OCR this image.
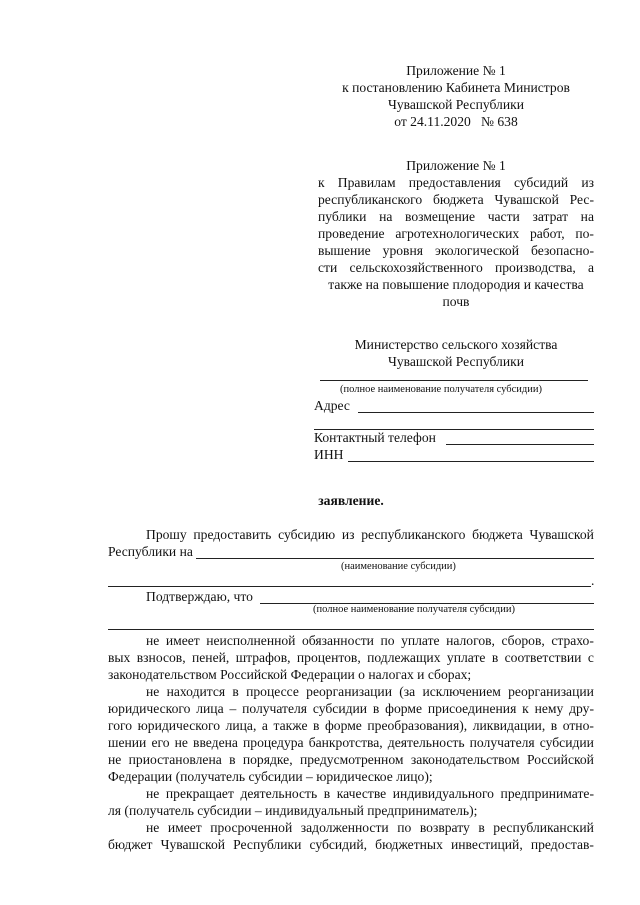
Приложение № 1
к постановлению Кабинета Министров
Чувашской Республики
от 24.11.2020   № 638
Приложение № 1
к Правилам предоставления субсидий из
республиканского бюджета Чувашской Рес-
публики на возмещение части затрат на
проведение агротехнологических работ, по-
вышение уровня экологической безопасно-
сти сельскохозяйственного производства, а
также на повышение плодородия и качества
почв
Министерство сельского хозяйства
Чувашской Республики
(полное наименование получателя субсидии)
Адрес
Контактный телефон
ИНН
заявление.
Прошу предоставить субсидию из республиканского бюджета Чувашской
Республики на
(наименование субсидии)
.
Подтверждаю, что
(полное наименование получателя субсидии)
не имеет неисполненной обязанности по уплате налогов, сборов, страхо-
вых взносов, пеней, штрафов, процентов, подлежащих уплате в соответствии с
законодательством Российской Федерации о налогах и сборах;
не находится в процессе реорганизации (за исключением реорганизации
юридического лица – получателя субсидии в форме присоединения к нему дру-
гого юридического лица, а также в форме преобразования), ликвидации, в отно-
шении его не введена процедура банкротства, деятельность получателя субсидии
не приостановлена в порядке, предусмотренном законодательством Российской
Федерации (получатель субсидии – юридическое лицо);
не прекращает деятельность в качестве индивидуального предпринимате-
ля (получатель субсидии – индивидуальный предприниматель);
не имеет просроченной задолженности по возврату в республиканский
бюджет Чувашской Республики субсидий, бюджетных инвестиций, предостав-
